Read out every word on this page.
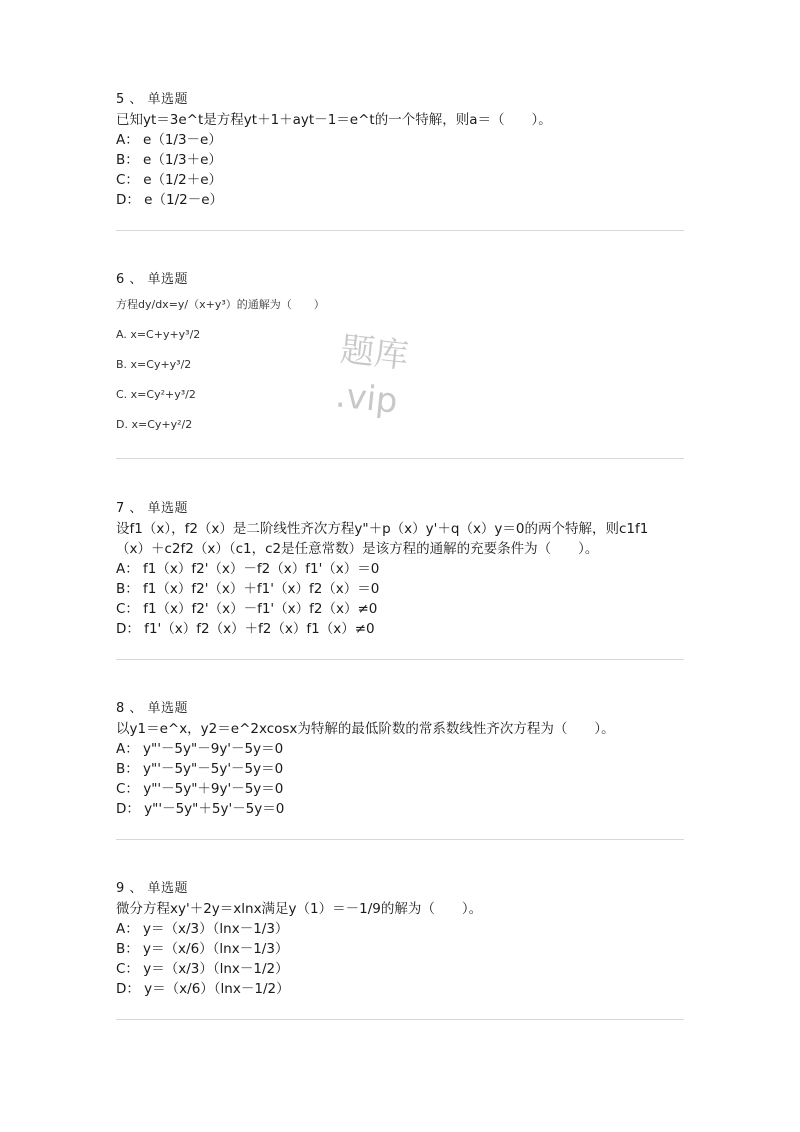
5 、 单选题
已知yt＝3e^t是方程yt＋1＋ayt－1＝e^t的一个特解，则a＝（　　）。
A： e（1/3－e）
B： e（1/3＋e）
C： e（1/2＋e）
D： e（1/2－e）
6 、 单选题
方程dy/dx=y/（x+y³）的通解为（　　）
A. x=C+y+y³/2
B. x=Cy+y³/2
C. x=Cy²+y³/2
D. x=Cy+y²/2
题库
.vip
7 、 单选题
设f1（x），f2（x）是二阶线性齐次方程y"＋p（x）y'＋q（x）y＝0的两个特解，则c1f1
（x）＋c2f2（x）（c1，c2是任意常数）是该方程的通解的充要条件为（　　）。
A： f1（x）f2'（x）－f2（x）f1'（x）＝0
B： f1（x）f2'（x）＋f1'（x）f2（x）＝0
C： f1（x）f2'（x）－f1'（x）f2（x）≠0
D： f1'（x）f2（x）＋f2（x）f1（x）≠0
8 、 单选题
以y1＝e^x，y2＝e^2xcosx为特解的最低阶数的常系数线性齐次方程为（　　）。
A： y"'－5y"－9y'－5y＝0
B： y"'－5y"－5y'－5y＝0
C： y"'－5y"＋9y'－5y＝0
D： y"'－5y"＋5y'－5y＝0
9 、 单选题
微分方程xy'＋2y＝xlnx满足y（1）＝－1/9的解为（　　）。
A： y＝（x/3）（lnx－1/3）
B： y＝（x/6）（lnx－1/3）
C： y＝（x/3）（lnx－1/2）
D： y＝（x/6）（lnx－1/2）
